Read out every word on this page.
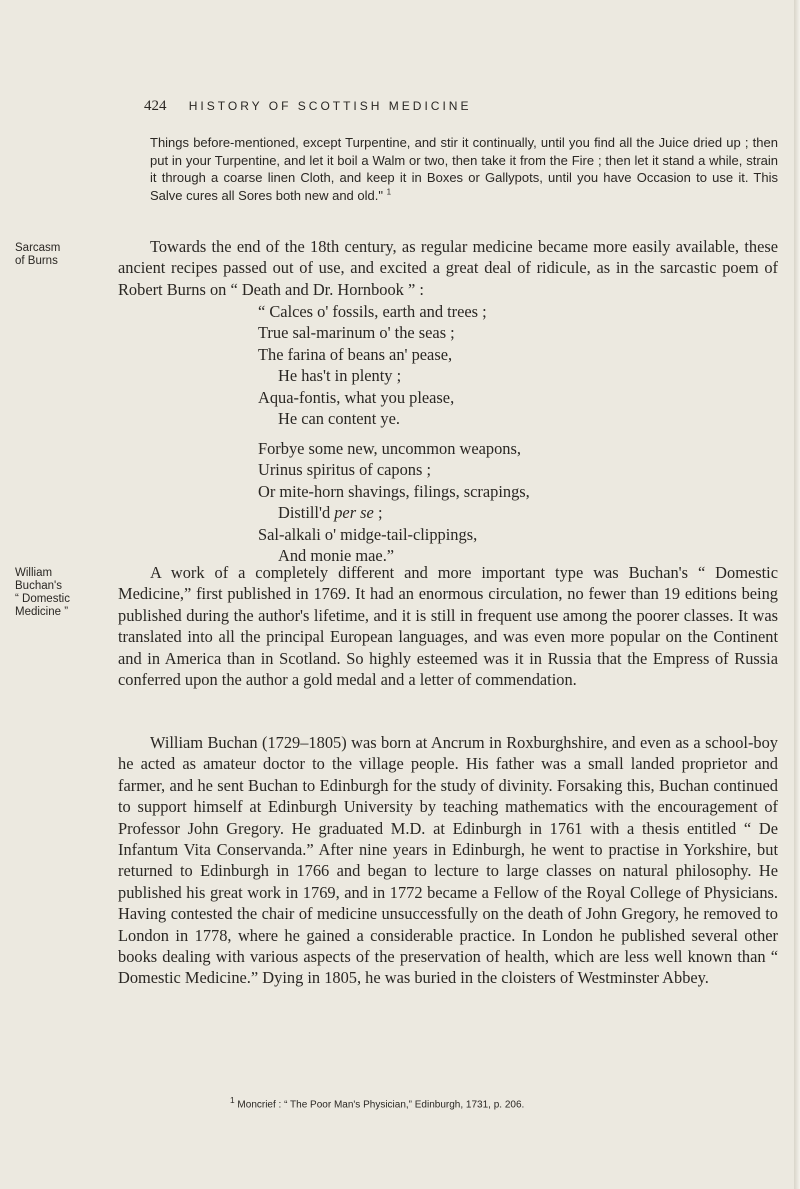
424 HISTORY OF SCOTTISH MEDICINE
Things before-mentioned, except Turpentine, and stir it continually, until you find all the Juice dried up ; then put in your Turpentine, and let it boil a Walm or two, then take it from the Fire ; then let it stand a while, strain it through a coarse linen Cloth, and keep it in Boxes or Gallypots, until you have Occasion to use it. This Salve cures all Sores both new and old." $^1$
Sarcasm
of Burns

Towards the end of the 18th century, as regular medicine became more easily available, these ancient recipes passed out of use, and excited a great deal of ridicule, as in the sarcastic poem of Robert Burns on “ Death and Dr. Hornbook ” :

“ Calces o' fossils, earth and trees ;
True sal-marinum o' the seas ;
The farina of beans an' pease,
He has't in plenty ;
Aqua-fontis, what you please,
He can content ye.
Forbye some new, uncommon weapons,
Urinus spiritus of capons ;
Or mite-horn shavings, filings, scrapings,
Distill'd per se ;
Sal-alkali o' midge-tail-clippings,
And monie mae.”
William
Buchan's
“ Domestic
Medicine ”

A work of a completely different and more important type was Buchan's “ Domestic Medicine,” first published in 1769. It had an enormous circulation, no fewer than 19 editions being published during the author's lifetime, and it is still in frequent use among the poorer classes. It was translated into all the principal European languages, and was even more popular on the Continent and in America than in Scotland. So highly esteemed was it in Russia that the Empress of Russia conferred upon the author a gold medal and a letter of commendation.

William Buchan (1729–1805) was born at Ancrum in Roxburghshire, and even as a school-boy he acted as amateur doctor to the village people. His father was a small landed proprietor and farmer, and he sent Buchan to Edinburgh for the study of divinity. Forsaking this, Buchan continued to support himself at Edinburgh University by teaching mathematics with the encouragement of Professor John Gregory. He graduated M.D. at Edinburgh in 1761 with a thesis entitled “ De Infantum Vita Conservanda.” After nine years in Edinburgh, he went to practise in Yorkshire, but returned to Edinburgh in 1766 and began to lecture to large classes on natural philosophy. He published his great work in 1769, and in 1772 became a Fellow of the Royal College of Physicians. Having contested the chair of medicine unsuccessfully on the death of John Gregory, he removed to London in 1778, where he gained a considerable practice. In London he published several other books dealing with various aspects of the preservation of health, which are less well known than “ Domestic Medicine.” Dying in 1805, he was buried in the cloisters of Westminster Abbey.

$^1$ Moncrief : “ The Poor Man's Physician,” Edinburgh, 1731, p. 206.
